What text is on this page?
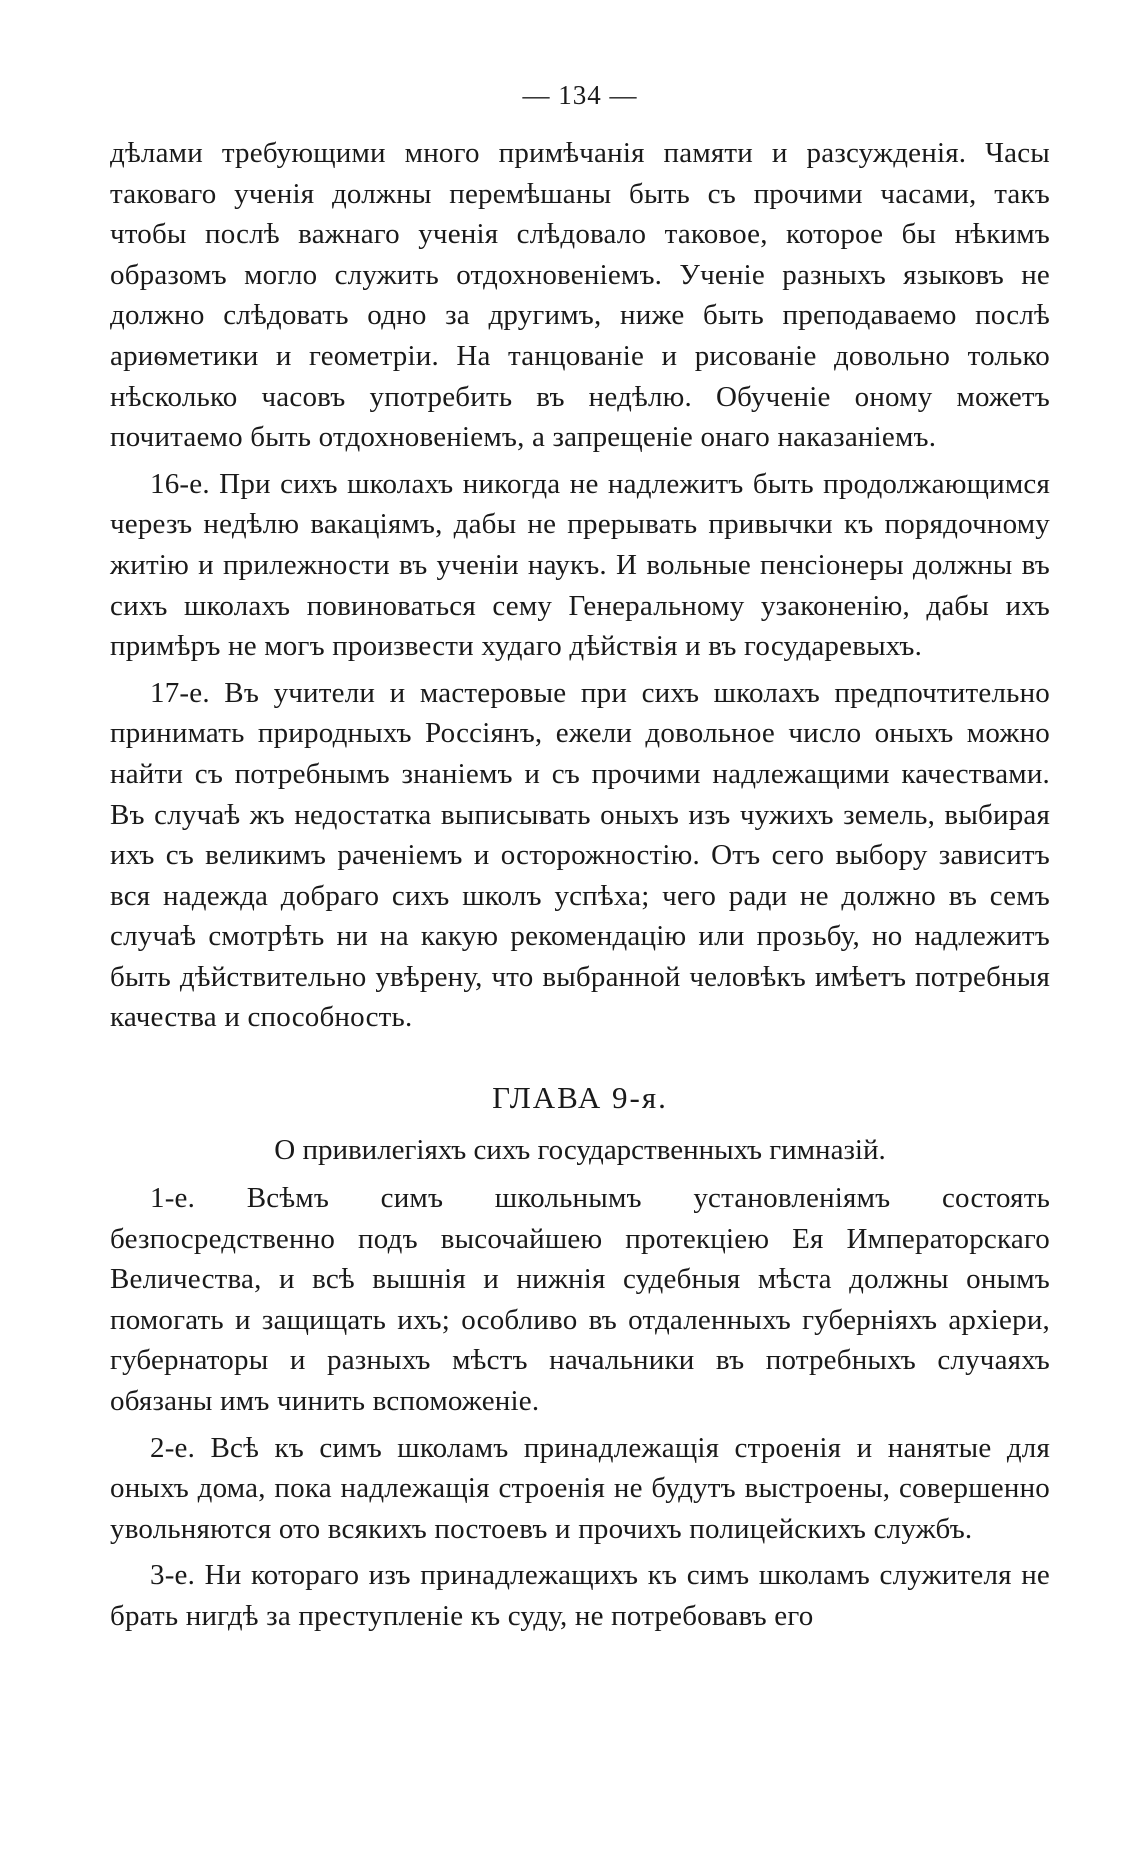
— 134 —

дѣлами требующими много примѣчанія памяти и разсужденія. Часы таковаго ученія должны перемѣшаны быть съ прочими часами, такъ чтобы послѣ важнаго ученія слѣдовало таковое, которое бы нѣкимъ образомъ могло служить отдохновеніемъ. Ученіе разныхъ языковъ не должно слѣдовать одно за другимъ, ниже быть преподаваемо послѣ ариѳметики и геометріи. На танцованіе и рисованіе довольно только нѣсколько часовъ употребить въ недѣлю. Обученіе оному можетъ почитаемо быть отдохновеніемъ, а запрещеніе онаго наказаніемъ.

16-е. При сихъ школахъ никогда не надлежитъ быть продолжающимся черезъ недѣлю вакацiямъ, дабы не прерывать привычки къ порядочному житію и прилежности въ ученіи наукъ. И вольные пенсіонеры должны въ сихъ школахъ повиноваться сему Генеральному узаконенію, дабы ихъ примѣръ не могъ произвести худаго дѣйствія и въ государевыхъ.

17-е. Въ учители и мастеровые при сихъ школахъ предпочтительно принимать природныхъ Россіянъ, ежели довольное число оныхъ можно найти съ потребнымъ знаніемъ и съ прочими надлежащими качествами. Въ случаѣ жъ недостатка выписывать оныхъ изъ чужихъ земель, выбирая ихъ съ великимъ раченіемъ и осторожностію. Отъ сего выбору зависитъ вся надежда добраго сихъ школъ успѣха; чего ради не должно въ семъ случаѣ смотрѣть ни на какую рекомендацію или прозьбу, но надлежитъ быть дѣйствительно увѣрену, что выбранной человѣкъ имѣетъ потребныя качества и способность.

ГЛАВА 9-я.
О привилегіяхъ сихъ государственныхъ гимназій.

1-е. Всѣмъ симъ школьнымъ установленіямъ состоять безпосредственно подъ высочайшею протекціею Ея Императорскаго Величества, и всѣ вышнія и нижнія судебныя мѣста должны онымъ помогать и защищать ихъ; особливо въ отдаленныхъ губерніяхъ архіери, губернаторы и разныхъ мѣстъ начальники въ потребныхъ случаяхъ обязаны имъ чинить вспоможеніе.

2-е. Всѣ къ симъ школамъ принадлежащія строенія и нанятые для оныхъ дома, пока надлежащія строенія не будутъ выстроены, совершенно увольняются ото всякихъ постоевъ и прочихъ полицейскихъ службъ.

3-е. Ни котораго изъ принадлежащихъ къ симъ школамъ служителя не брать нигдѣ за преступленіе къ суду, не потребовавъ его
